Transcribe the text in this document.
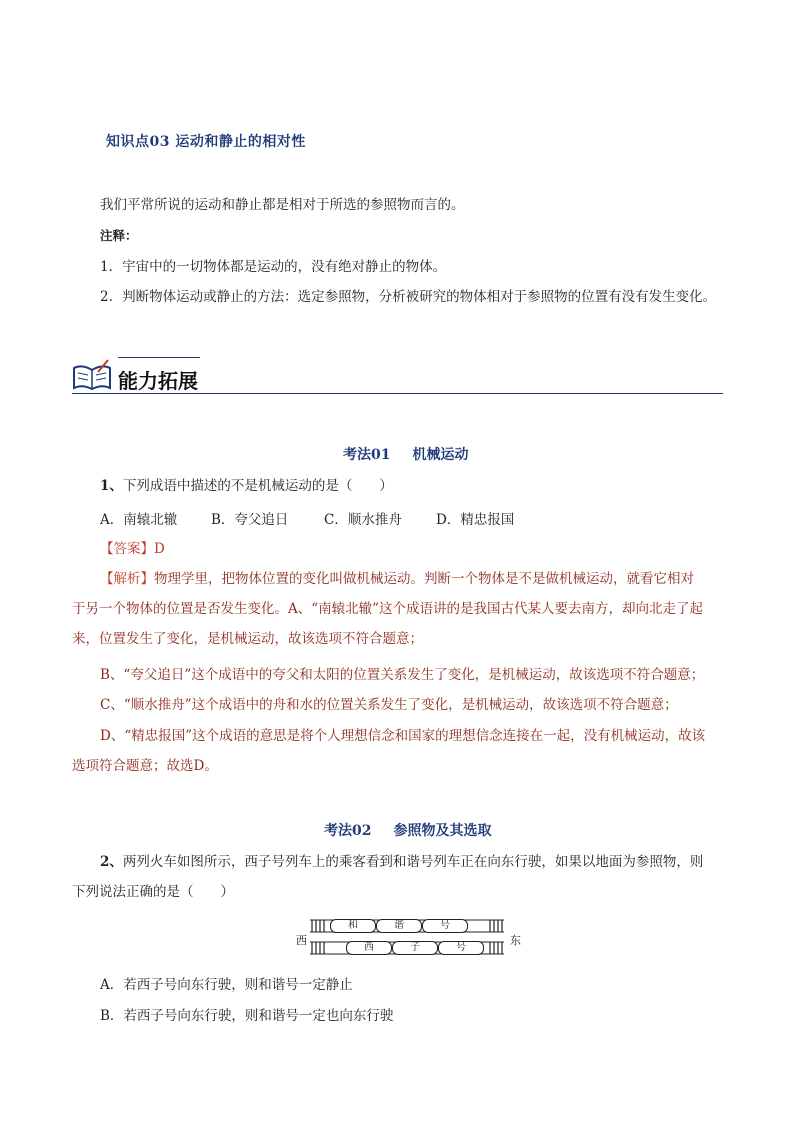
知识点03 运动和静止的相对性
我们平常所说的运动和静止都是相对于所选的参照物而言的。
注释：
1．宇宙中的一切物体都是运动的，没有绝对静止的物体。
2．判断物体运动或静止的方法：选定参照物，分析被研究的物体相对于参照物的位置有没有发生变化。
能力拓展
考法01 机械运动
1、下列成语中描述的不是机械运动的是（　　）
A．南辕北辙	B．夸父追日	C．顺水推舟	D．精忠报国
【答案】D
【解析】物理学里，把物体位置的变化叫做机械运动。判断一个物体是不是做机械运动，就看它相对
于另一个物体的位置是否发生变化。A、“南辕北辙”这个成语讲的是我国古代某人要去南方，却向北走了起
来，位置发生了变化，是机械运动，故该选项不符合题意；
B、“夸父追日”这个成语中的夸父和太阳的位置关系发生了变化，是机械运动，故该选项不符合题意；
C、“顺水推舟”这个成语中的舟和水的位置关系发生了变化，是机械运动，故该选项不符合题意；
D、“精忠报国”这个成语的意思是将个人理想信念和国家的理想信念连接在一起，没有机械运动，故该
选项符合题意；故选D。
考法02 参照物及其选取
2、两列火车如图所示，西子号列车上的乘客看到和谐号列车正在向东行驶，如果以地面为参照物，则
下列说法正确的是（　　）
西	东
和	谐	号
西	子	号
A．若西子号向东行驶，则和谐号一定静止
B．若西子号向东行驶，则和谐号一定也向东行驶
